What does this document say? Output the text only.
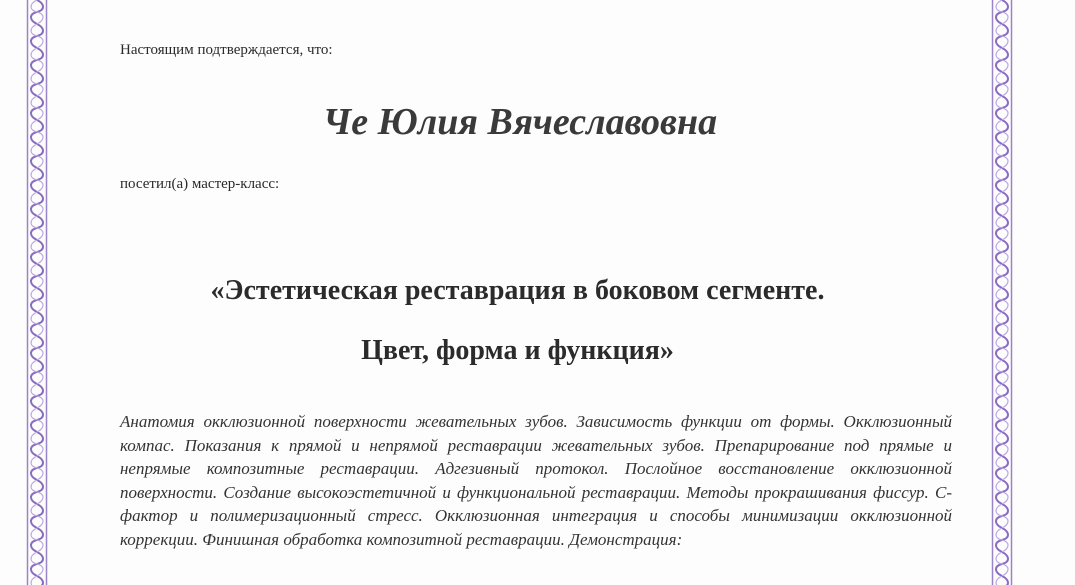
Настоящим подтверждается, что:

Че Юлия Вячеславовна

посетил(а) мастер-класс:

«Эстетическая реставрация в боковом сегменте.
Цвет, форма и функция»

Анатомия окклюзионной поверхности жевательных зубов. Зависимость функции от формы. Окклюзионный компас. Показания к прямой и непрямой реставрации жевательных зубов. Препарирование под прямые и непрямые композитные реставрации. Адгезивный протокол. Послойное восстановление окклюзионной поверхности. Создание высокоэстетичной и функциональной реставрации. Методы прокрашивания фиссур. С-фактор и полимеризационный стресс. Окклюзионная интеграция и способы минимизации окклюзионной коррекции. Финишная обработка композитной реставрации. Демонстрация:
